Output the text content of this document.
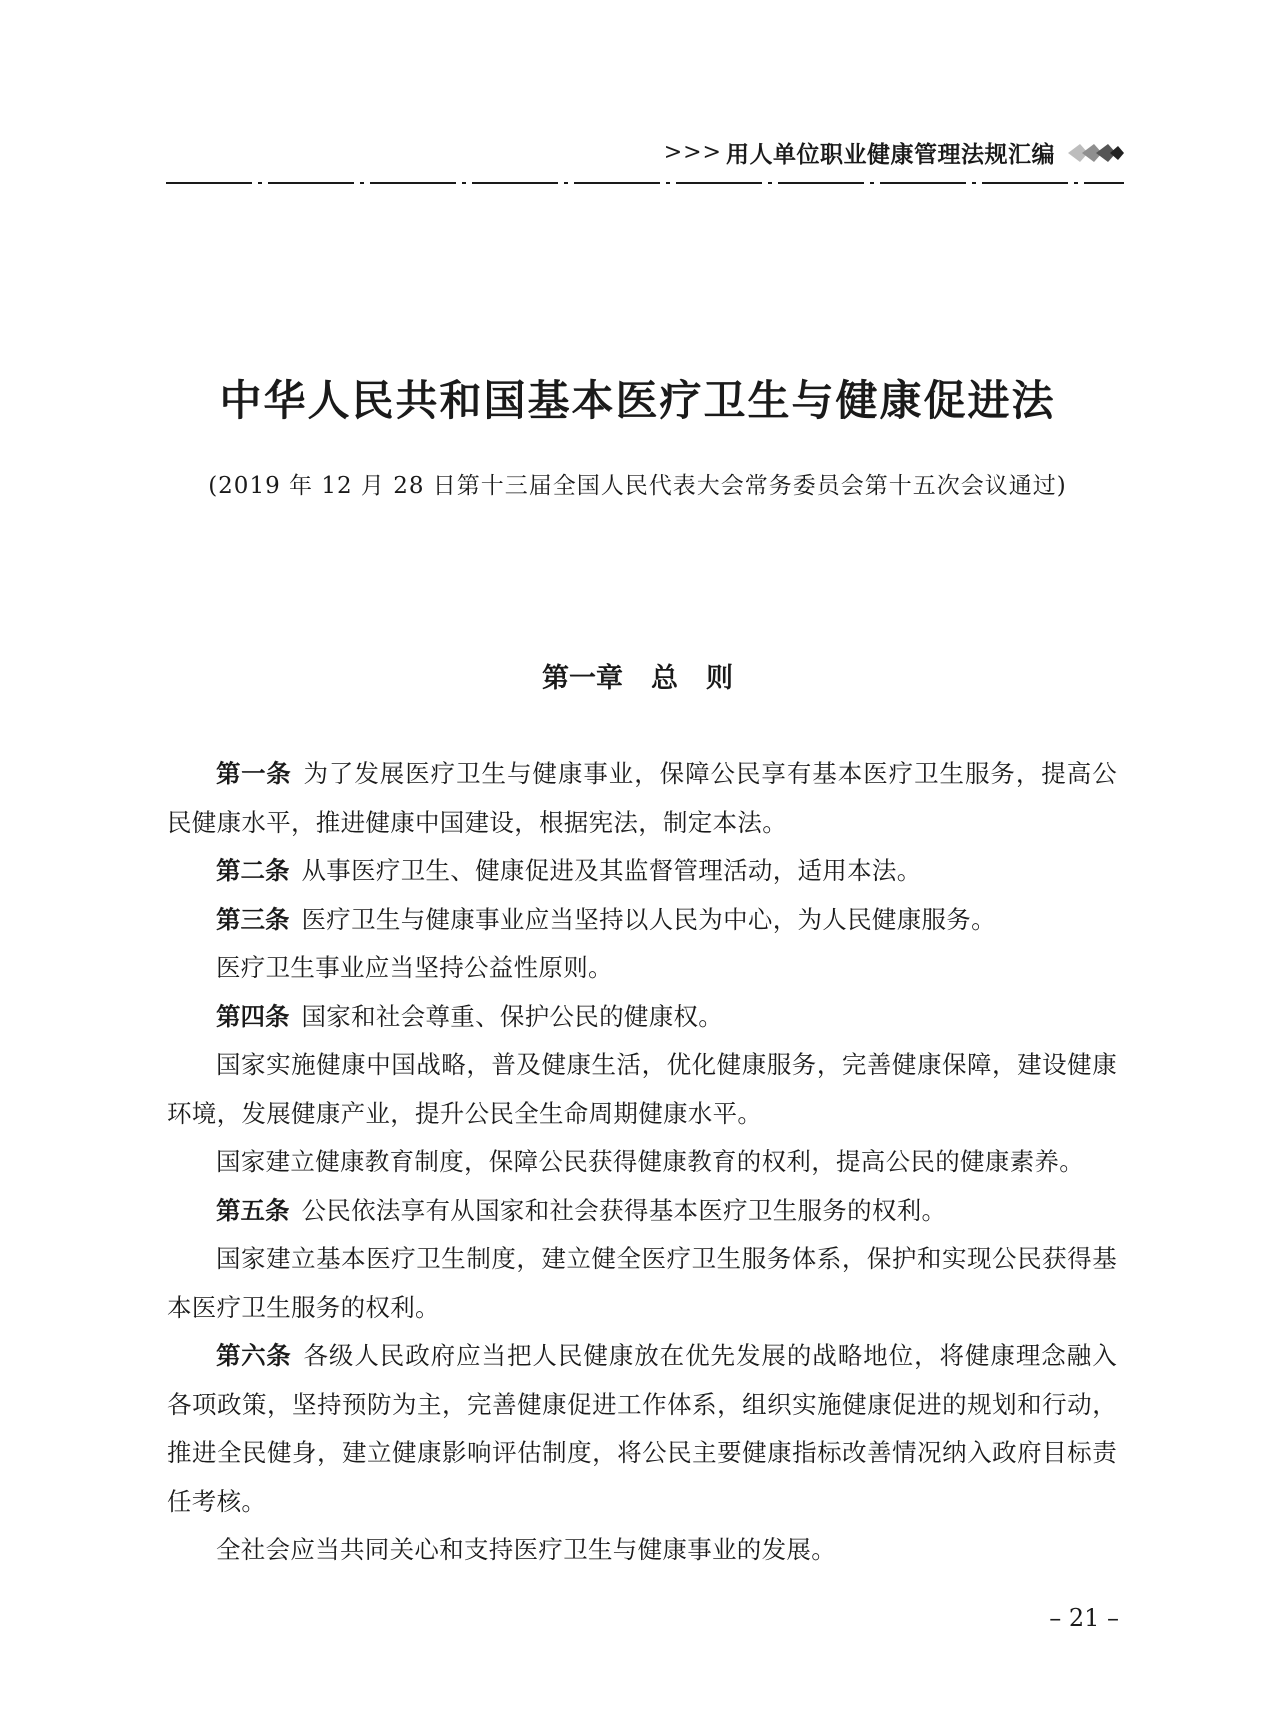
>>> 用人单位职业健康管理法规汇编
中华人民共和国基本医疗卫生与健康促进法
(2019 年 12 月 28 日第十三届全国人民代表大会常务委员会第十五次会议通过)
第一章 总 则

第一条 为了发展医疗卫生与健康事业，保障公民享有基本医疗卫生服务，提高公民健康水平，推进健康中国建设，根据宪法，制定本法。

第二条 从事医疗卫生、健康促进及其监督管理活动，适用本法。

第三条 医疗卫生与健康事业应当坚持以人民为中心，为人民健康服务。

医疗卫生事业应当坚持公益性原则。

第四条 国家和社会尊重、保护公民的健康权。

国家实施健康中国战略，普及健康生活，优化健康服务，完善健康保障，建设健康环境，发展健康产业，提升公民全生命周期健康水平。

国家建立健康教育制度，保障公民获得健康教育的权利，提高公民的健康素养。

第五条 公民依法享有从国家和社会获得基本医疗卫生服务的权利。

国家建立基本医疗卫生制度，建立健全医疗卫生服务体系，保护和实现公民获得基本医疗卫生服务的权利。

第六条 各级人民政府应当把人民健康放在优先发展的战略地位，将健康理念融入各项政策，坚持预防为主，完善健康促进工作体系，组织实施健康促进的规划和行动，推进全民健身，建立健康影响评估制度，将公民主要健康指标改善情况纳入政府目标责任考核。

全社会应当共同关心和支持医疗卫生与健康事业的发展。

– 21 –
